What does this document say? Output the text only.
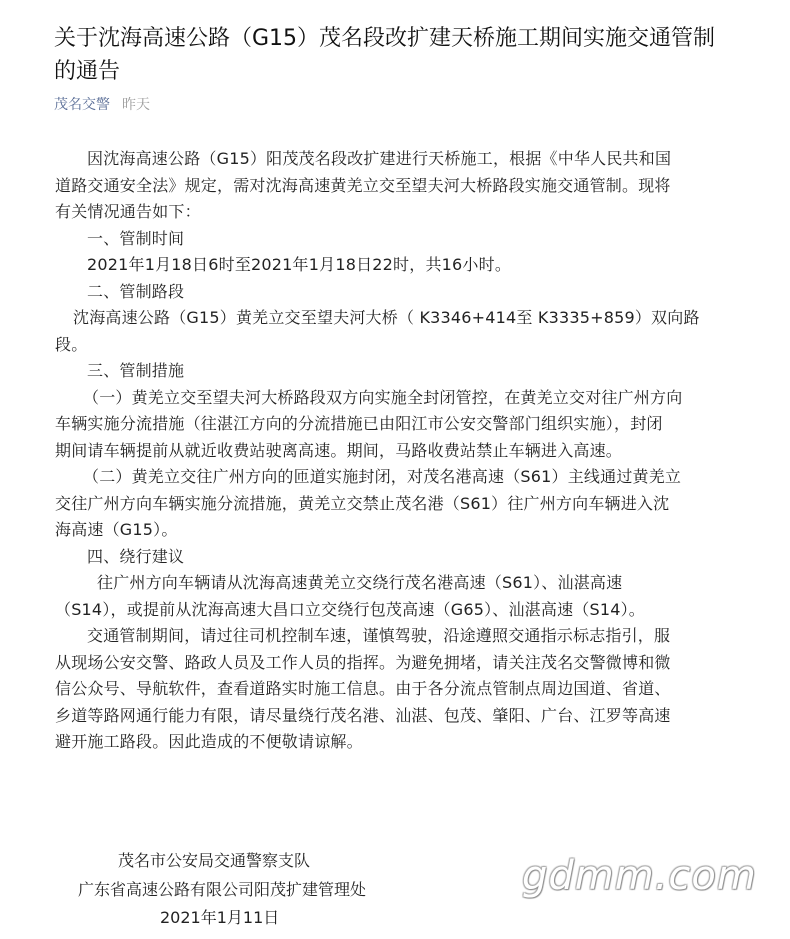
关于沈海高速公路（G15）茂名段改扩建天桥施工期间实施交通管制
的通告
茂名交警 昨天
因沈海高速公路（G15）阳茂茂名段改扩建进行天桥施工，根据《中华人民共和国
道路交通安全法》规定，需对沈海高速黄羌立交至望夫河大桥路段实施交通管制。现将
有关情况通告如下：
一、管制时间
2021年1月18日6时至2021年1月18日22时，共16小时。
二、管制路段
沈海高速公路（G15）黄羌立交至望夫河大桥（ K3346+414至 K3335+859）双向路
段。
三、管制措施
（一）黄羌立交至望夫河大桥路段双方向实施全封闭管控，在黄羌立交对往广州方向
车辆实施分流措施（往湛江方向的分流措施已由阳江市公安交警部门组织实施），封闭
期间请车辆提前从就近收费站驶离高速。期间，马路收费站禁止车辆进入高速。
（二）黄羌立交往广州方向的匝道实施封闭，对茂名港高速（S61）主线通过黄羌立
交往广州方向车辆实施分流措施，黄羌立交禁止茂名港（S61）往广州方向车辆进入沈
海高速（G15）。
四、绕行建议
往广州方向车辆请从沈海高速黄羌立交绕行茂名港高速（S61）、汕湛高速
（S14），或提前从沈海高速大昌口立交绕行包茂高速（G65）、汕湛高速（S14）。
交通管制期间，请过往司机控制车速，谨慎驾驶，沿途遵照交通指示标志指引，服
从现场公安交警、路政人员及工作人员的指挥。为避免拥堵，请关注茂名交警微博和微
信公众号、导航软件，查看道路实时施工信息。由于各分流点管制点周边国道、省道、
乡道等路网通行能力有限，请尽量绕行茂名港、汕湛、包茂、肇阳、广台、江罗等高速
避开施工路段。因此造成的不便敬请谅解。
茂名市公安局交通警察支队
广东省高速公路有限公司阳茂扩建管理处
2021年1月11日
gdmm.com
